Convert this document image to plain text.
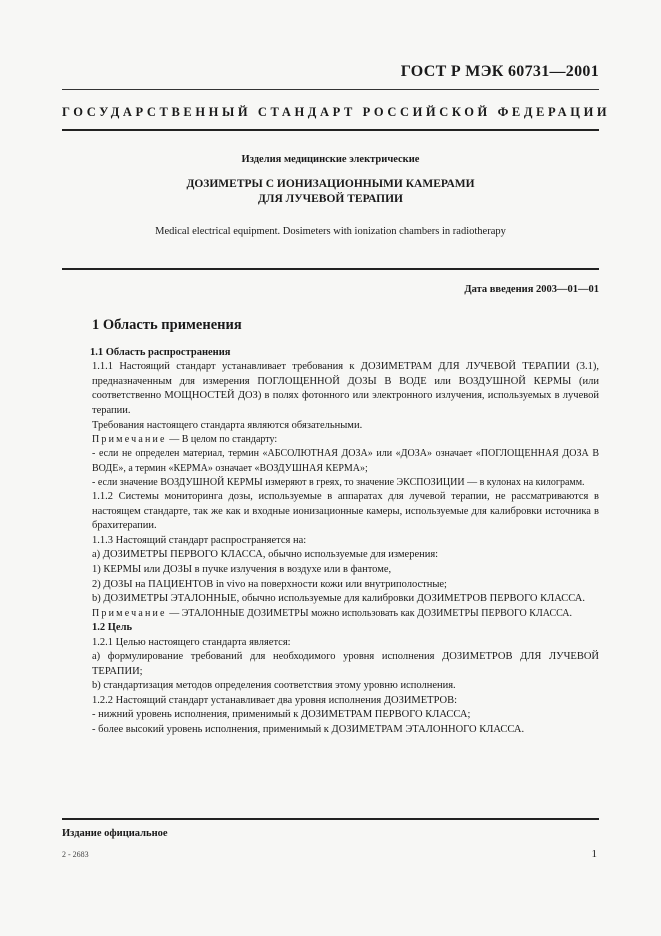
ГОСТ Р МЭК 60731—2001
ГОСУДАРСТВЕННЫЙ СТАНДАРТ РОССИЙСКОЙ ФЕДЕРАЦИИ
Изделия медицинские электрические
ДОЗИМЕТРЫ С ИОНИЗАЦИОННЫМИ КАМЕРАМИ
ДЛЯ ЛУЧЕВОЙ ТЕРАПИИ
Medical electrical equipment. Dosimeters with ionization chambers in radiotherapy
Дата введения 2003—01—01
1 Область применения

1.1 Область распространения

1.1.1 Настоящий стандарт устанавливает требования к ДОЗИМЕТРАМ ДЛЯ ЛУЧЕВОЙ ТЕРАПИИ (3.1), предназначенным для измерения ПОГЛОЩЕННОЙ ДОЗЫ В ВОДЕ или ВОЗДУШНОЙ КЕРМЫ (или соответственно МОЩНОСТЕЙ ДОЗ) в полях фотонного или электронного излучения, используемых в лучевой терапии.

Требования настоящего стандарта являются обязательными.

Примечание — В целом по стандарту:

- если не определен материал, термин «АБСОЛЮТНАЯ ДОЗА» или «ДОЗА» означает «ПОГЛОЩЕННАЯ ДОЗА В ВОДЕ», а термин «КЕРМА» означает «ВОЗДУШНАЯ КЕРМА»;

- если значение ВОЗДУШНОЙ КЕРМЫ измеряют в греях, то значение ЭКСПОЗИЦИИ — в кулонах на килограмм.

1.1.2 Системы мониторинга дозы, используемые в аппаратах для лучевой терапии, не рассматриваются в настоящем стандарте, так же как и входные ионизационные камеры, используемые для калибровки источника в брахитерапии.

1.1.3 Настоящий стандарт распространяется на:

а) ДОЗИМЕТРЫ ПЕРВОГО КЛАССА, обычно используемые для измерения:

1) КЕРМЫ или ДОЗЫ в пучке излучения в воздухе или в фантоме,

2) ДОЗЫ на ПАЦИЕНТОВ in vivo на поверхности кожи или внутриполостные;

b) ДОЗИМЕТРЫ ЭТАЛОННЫЕ, обычно используемые для калибровки ДОЗИМЕТРОВ ПЕРВОГО КЛАССА.

Примечание — ЭТАЛОННЫЕ ДОЗИМЕТРЫ можно использовать как ДОЗИМЕТРЫ ПЕРВОГО КЛАССА.

1.2 Цель

1.2.1 Целью настоящего стандарта является:

а) формулирование требований для необходимого уровня исполнения ДОЗИМЕТРОВ ДЛЯ ЛУЧЕВОЙ ТЕРАПИИ;

b) стандартизация методов определения соответствия этому уровню исполнения.

1.2.2 Настоящий стандарт устанавливает два уровня исполнения ДОЗИМЕТРОВ:

- нижний уровень исполнения, применимый к ДОЗИМЕТРАМ ПЕРВОГО КЛАССА;

- более высокий уровень исполнения, применимый к ДОЗИМЕТРАМ ЭТАЛОННОГО КЛАССА.

Издание официальное
2 - 2683	1
